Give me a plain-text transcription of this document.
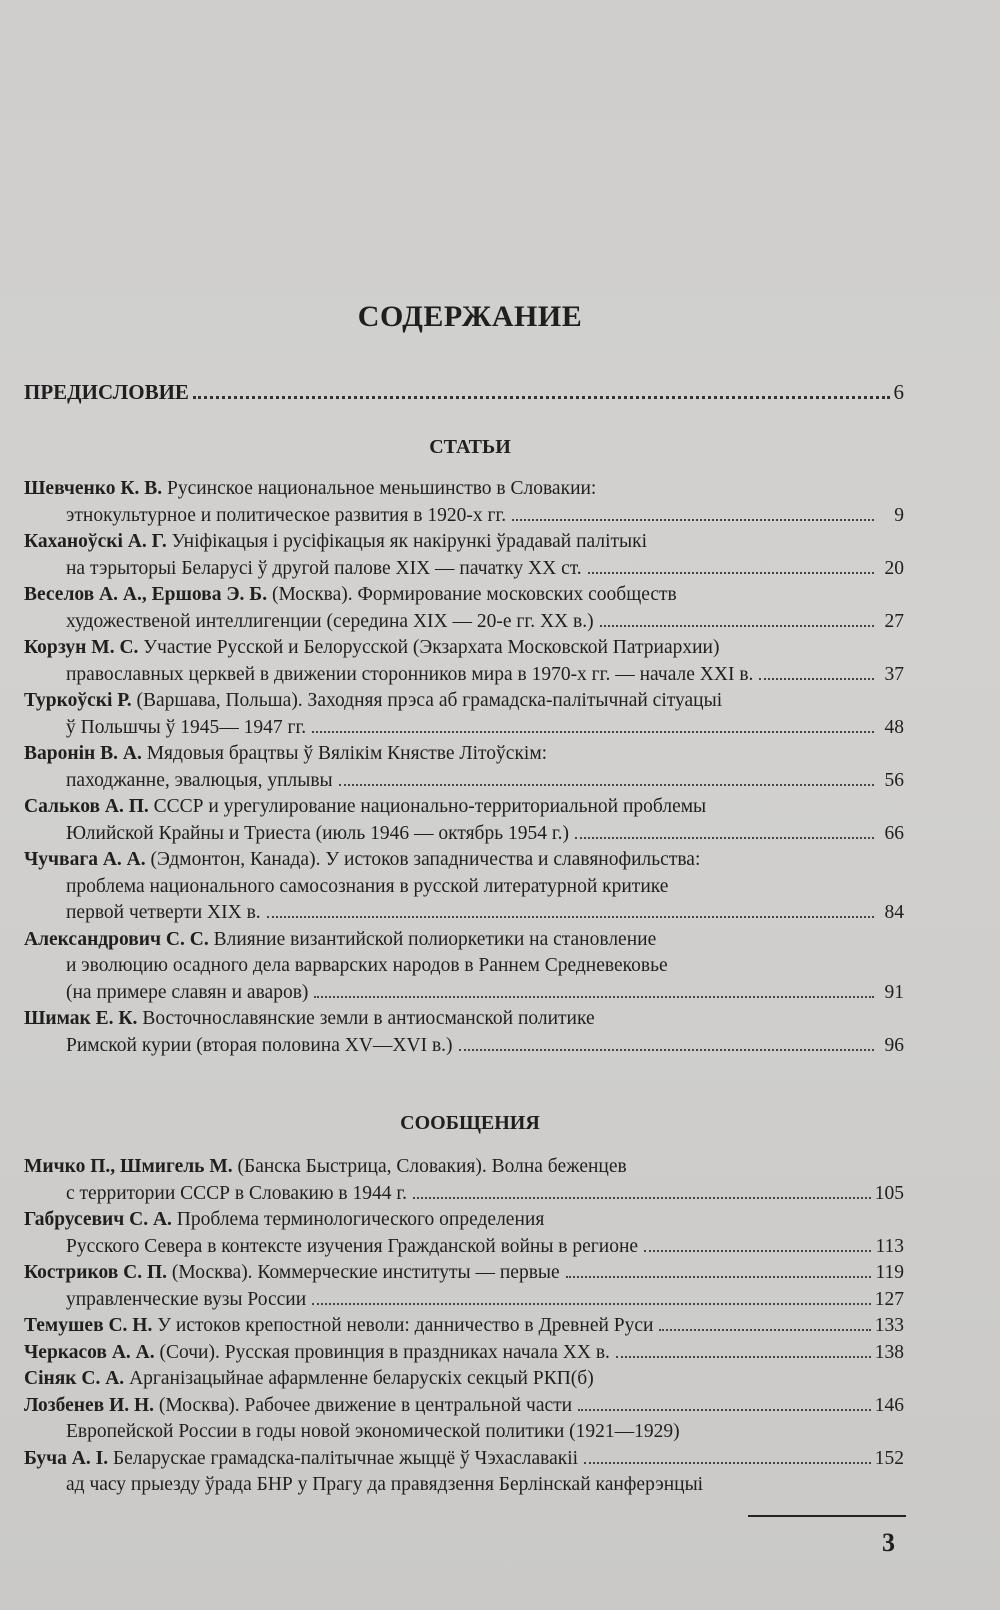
СОДЕРЖАНИЕ
ПРЕДИСЛОВИЕ	6
СТАТЬИ
Шевченко К. В.
Русинское национальное меньшинство в Словакии:
этнокультурное и политическое развития в 1920-х гг.	9
Каханоўскі А. Г.
Уніфікацыя і русіфікацыя як накірункі ўрадавай палітыкі
на тэрыторыі Беларусі ў другой палове XIX — пачатку XX ст.	20
Веселов А. А., Ершова Э. Б.
(Москва). Формирование московских сообществ
художественой интеллигенции (середина XIX — 20-е гг. XX в.)	27
Корзун М. С.
Участие Русской и Белорусской (Экзархата Московской Патриархии)
православных церквей в движении сторонников мира в 1970-х гг. — начале XXI в.	37
Туркоўскі Р.
(Варшава, Польша). Заходняя прэса аб грамадска-палітычнай сітуацыі
ў Польшчы ў 1945— 1947 гг.	48
Варонін В. А.
Мядовыя брацтвы ў Вялікім Княстве Літоўскім:
паходжанне, эвалюцыя, уплывы	56
Сальков А. П.
СССР и урегулирование национально-территориальной проблемы
Юлийской Крайны и Триеста (июль 1946 — октябрь 1954 г.)	66
Чучвага А. А.
(Эдмонтон, Канада). У истоков западничества и славянофильства:
проблема национального самосознания в русской литературной критике
первой четверти XIX в.	84
Александрович С. С.
Влияние византийской полиоркетики на становление
и эволюцию осадного дела варварских народов в Раннем Средневековье
(на примере славян и аваров)	91
Шимак Е. К.
Восточнославянские земли в антиосманской политике
Римской курии (вторая половина XV—XVI в.)	96
СООБЩЕНИЯ
Мичко П., Шмигель М.
(Банска Быстрица, Словакия). Волна беженцев
с территории СССР в Словакию в 1944 г.	105
Габрусевич С. А.
Проблема терминологического определения
Русского Севера в контексте изучения Гражданской войны в регионе	113
Костриков С. П.
(Москва). Коммерческие институты — первые	119
управленческие вузы России	127
Темушев С. Н.
У истоков крепостной неволи: данничество в Древней Руси	133
Черкасов А. А.
(Сочи). Русская провинция в праздниках начала XX в.	138
Сіняк С. А.
Арганізацыйнае афармленне беларускіх секцый РКП(б)
Лозбенев И. Н.
(Москва). Рабочее движение в центральной части	146
Европейской России в годы новой экономической политики (1921—1929)
Буча А. І.
Беларускае грамадска-палітычнае жыццё ў Чэхаславакіі	152
ад часу прыезду ўрада БНР у Прагу да правядзення Берлінскай канферэнцыі
3
